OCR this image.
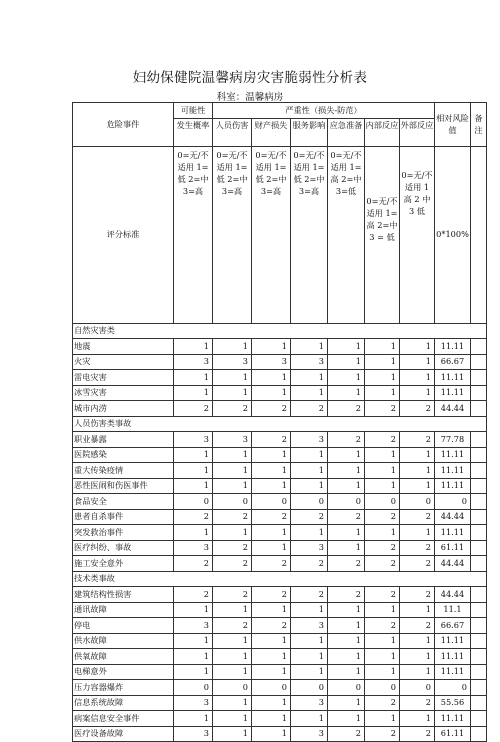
妇幼保健院温馨病房灾害脆弱性分析表
科室：温馨病房
危险事件	可能性	严重性（损失-防范）						相对风险值	备注
	发生概率	人员伤害	财产损失	服务影响	应急准备	内部反应	外部反应		
评分标准	0=无/不适用 1=低 2=中 3=高	0=无/不适用 1=低 2=中 3=高	0=无/不适用 1=低 2=中 3=高	0=无/不适用 1=低 2=中 3=高	0=无/不适用 1=高 2=中 3=低	0=无/不适用 1=高 2=中 3 = 低	0=无/不适用 1 高 2 中 3 低	0*100%	
自然灾害类									
地震	1	1	1	1	1	1	1	11.11	
火灾	3	3	3	3	1	1	1	66.67	
雷电灾害	1	1	1	1	1	1	1	11.11	
冰雪灾害	1	1	1	1	1	1	1	11.11	
城市内涝	2	2	2	2	2	2	2	44.44	
人员伤害类事故									
职业暴露	3	3	2	3	2	2	2	77.78	
医院感染	1	1	1	1	1	1	1	11.11	
重大传染疫情	1	1	1	1	1	1	1	11.11	
恶性医闹和伤医事件	1	1	1	1	1	1	1	11.11	
食品安全	0	0	0	0	0	0	0	0	
患者自杀事件	2	2	2	2	2	2	2	44.44	
突发救治事件	1	1	1	1	1	1	1	11.11	
医疗纠纷、事故	3	2	1	3	1	2	2	61.11	
施工安全意外	2	2	2	2	2	2	2	44.44	
技术类事故									
建筑结构性损害	2	2	2	2	2	2	2	44.44	
通讯故障	1	1	1	1	1	1	1	11.1	
停电	3	2	2	3	1	2	2	66.67	
供水故障	1	1	1	1	1	1	1	11.11	
供氧故障	1	1	1	1	1	1	1	11.11	
电梯意外	1	1	1	1	1	1	1	11.11	
压力容器爆炸	0	0	0	0	0	0	0	0	
信息系统故障	3	1	1	3	1	2	2	55.56	
病案信息安全事件	1	1	1	1	1	1	1	11.11	
医疗设备故障	3	1	1	3	2	2	2	61.11	
